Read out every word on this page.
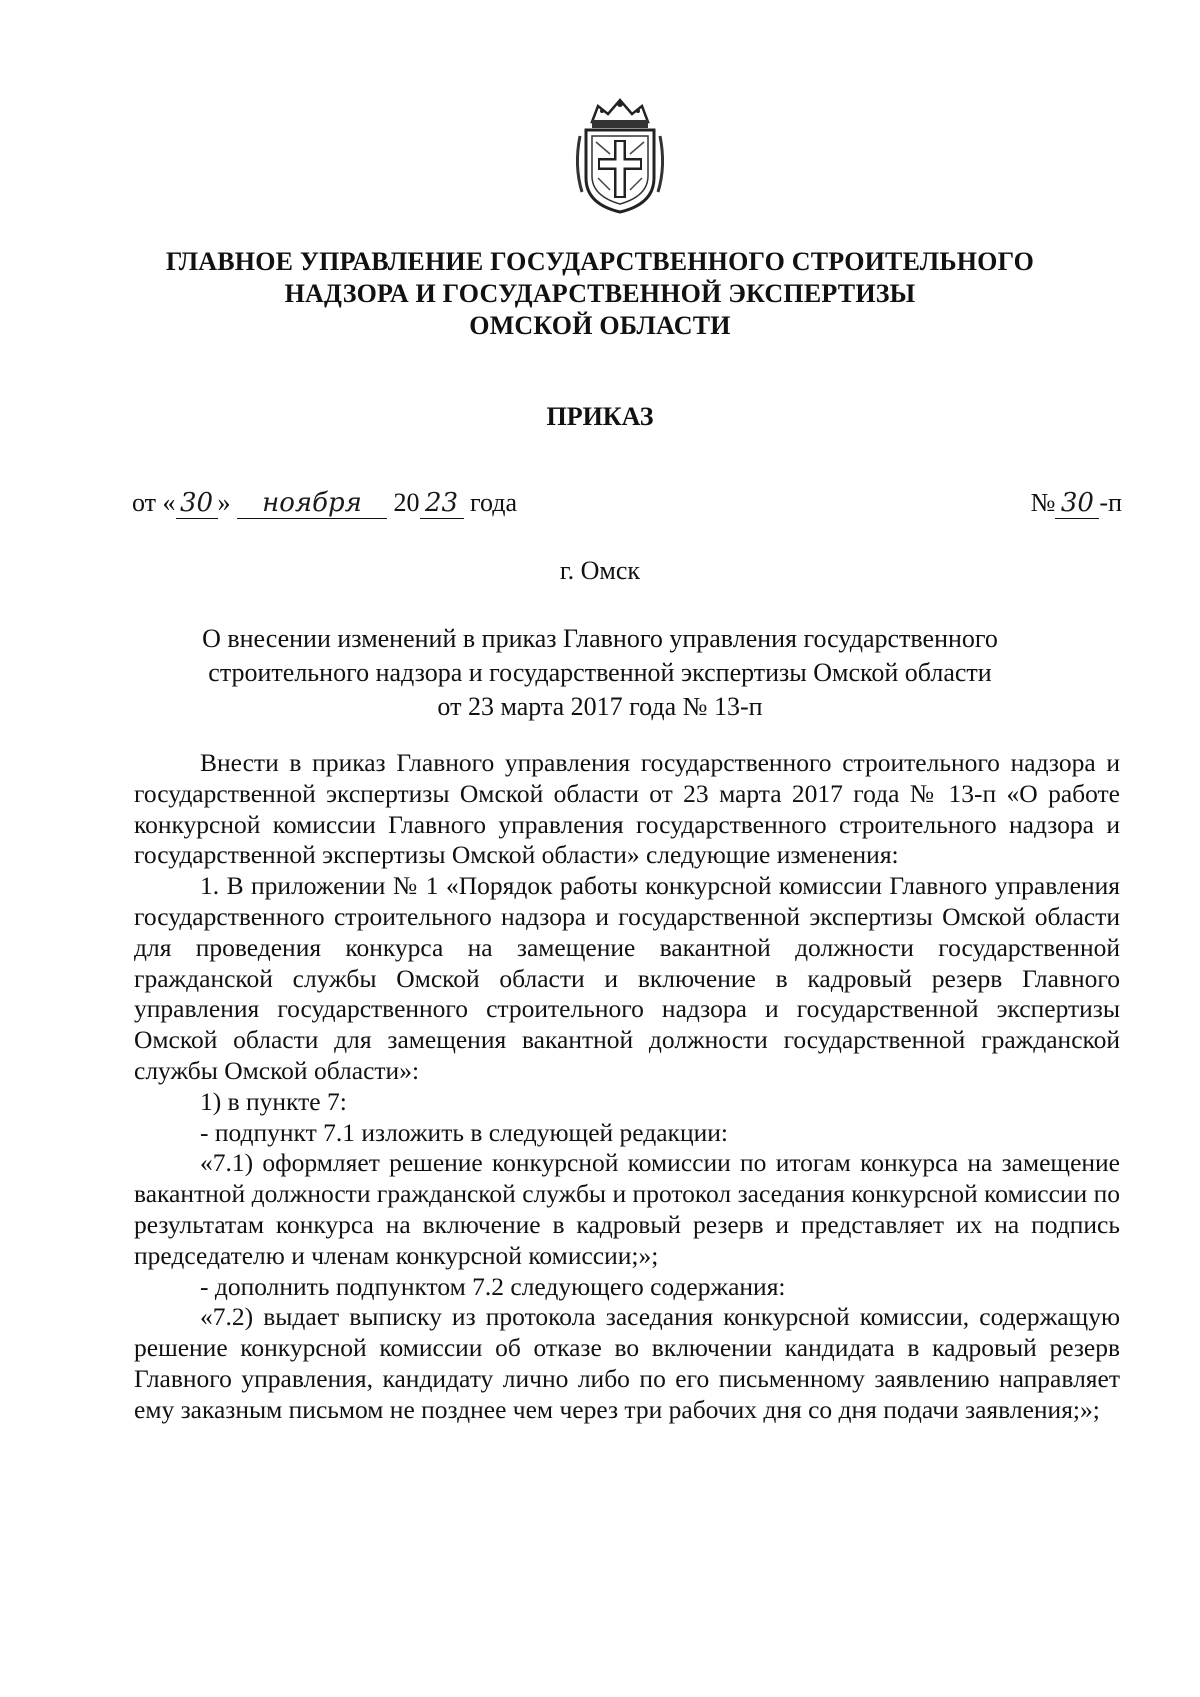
ГЛАВНОЕ УПРАВЛЕНИЕ ГОСУДАРСТВЕННОГО СТРОИТЕЛЬНОГО
НАДЗОРА И ГОСУДАРСТВЕННОЙ ЭКСПЕРТИЗЫ
ОМСКОЙ ОБЛАСТИ
ПРИКАЗ
от « 30 » ноября 20 23 года	№ 30 -п
г. Омск
О внесении изменений в приказ Главного управления государственного
строительного надзора и государственной экспертизы Омской области
от 23 марта 2017 года № 13-п

Внести в приказ Главного управления государственного строительного надзора и государственной экспертизы Омской области от 23 марта 2017 года № 13-п «О работе конкурсной комиссии Главного управления государственного строительного надзора и государственной экспертизы Омской области» следующие изменения:

1. В приложении № 1 «Порядок работы конкурсной комиссии Главного управления государственного строительного надзора и государственной экспертизы Омской области для проведения конкурса на замещение вакантной должности государственной гражданской службы Омской области и включение в кадровый резерв Главного управления государственного строительного надзора и государственной экспертизы Омской области для замещения вакантной должности государственной гражданской службы Омской области»:

1) в пункте 7:

- подпункт 7.1 изложить в следующей редакции:

«7.1) оформляет решение конкурсной комиссии по итогам конкурса на замещение вакантной должности гражданской службы и протокол заседания конкурсной комиссии по результатам конкурса на включение в кадровый резерв и представляет их на подпись председателю и членам конкурсной комиссии;»;

- дополнить подпунктом 7.2 следующего содержания:

«7.2) выдает выписку из протокола заседания конкурсной комиссии, содержащую решение конкурсной комиссии об отказе во включении кандидата в кадровый резерв Главного управления, кандидату лично либо по его письменному заявлению направляет ему заказным письмом не позднее чем через три рабочих дня со дня подачи заявления;»;
